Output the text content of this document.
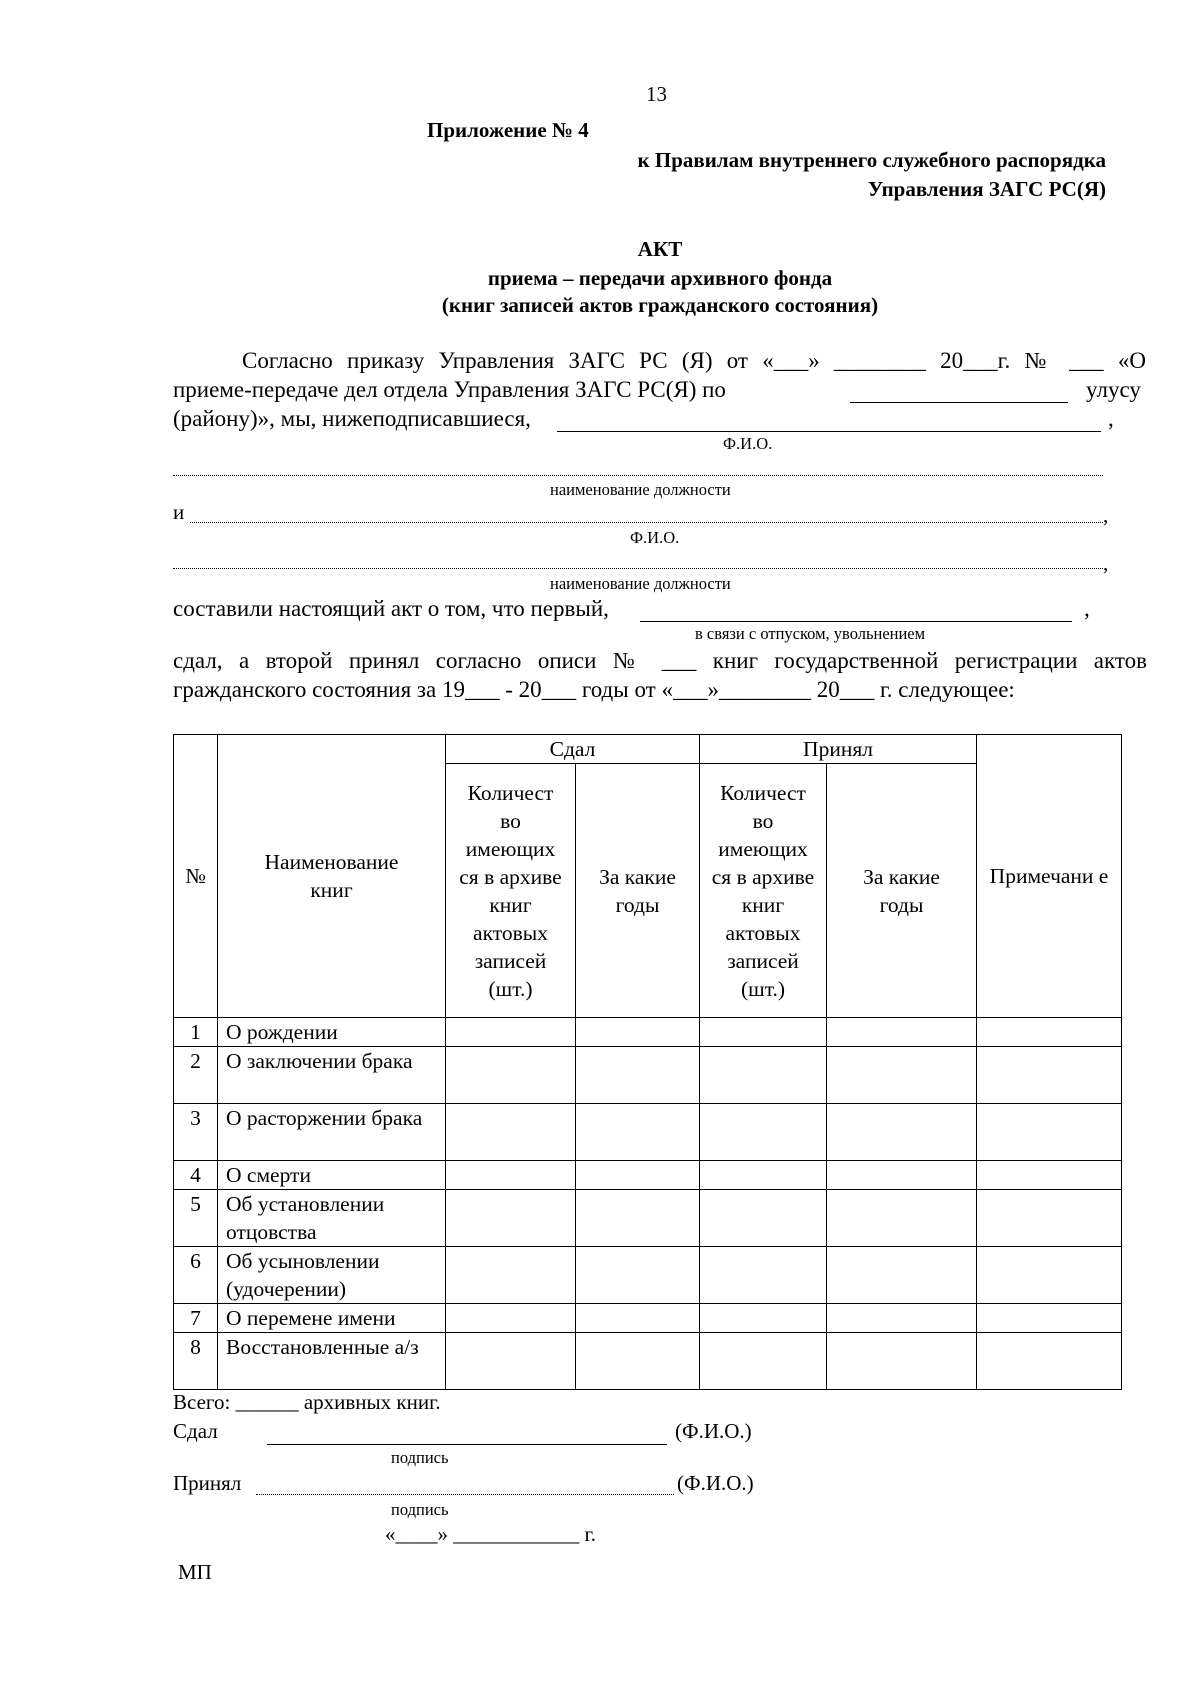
13
Приложение № 4
к Правилам внутреннего служебного распорядка
Управления ЗАГС РС(Я)
АКТ
приема – передачи архивного фонда
(книг записей актов гражданского состояния)
Согласно приказу Управления ЗАГС РС (Я) от «___» ________ 20___г. № ___ «О
приеме-передаче дел отдела Управления ЗАГС РС(Я) по	улусу
(району)», мы, нижеподписавшиеся,	,
Ф.И.О.
наименование должности
и	,
Ф.И.О.
,
наименование должности
составили настоящий акт о том, что первый,	,
в связи с отпуском, увольнением
сдал, а второй принял согласно описи № ___ книг государственной регистрации актов
гражданского состояния за 19___ - 20___ годы от «___»________ 20___ г. следующее:
№	Наименование книг	Сдал		Принял		Примечани е
		Количест во имеющих ся в архиве книг актовых записей (шт.)	За какие годы	Количест во имеющих ся в архиве книг актовых записей (шт.)	За какие годы	
1	О рождении					
2	О заключении брака					
3	О расторжении брака					
4	О смерти					
5	Об установлении отцовства					
6	Об усыновлении (удочерении)					
7	О перемене имени					
8	Восстановленные а/з					
Всего: ______ архивных книг.
Сдал	(Ф.И.О.)
подпись
Принял	(Ф.И.О.)
подпись
«____» ____________ г.
МП
